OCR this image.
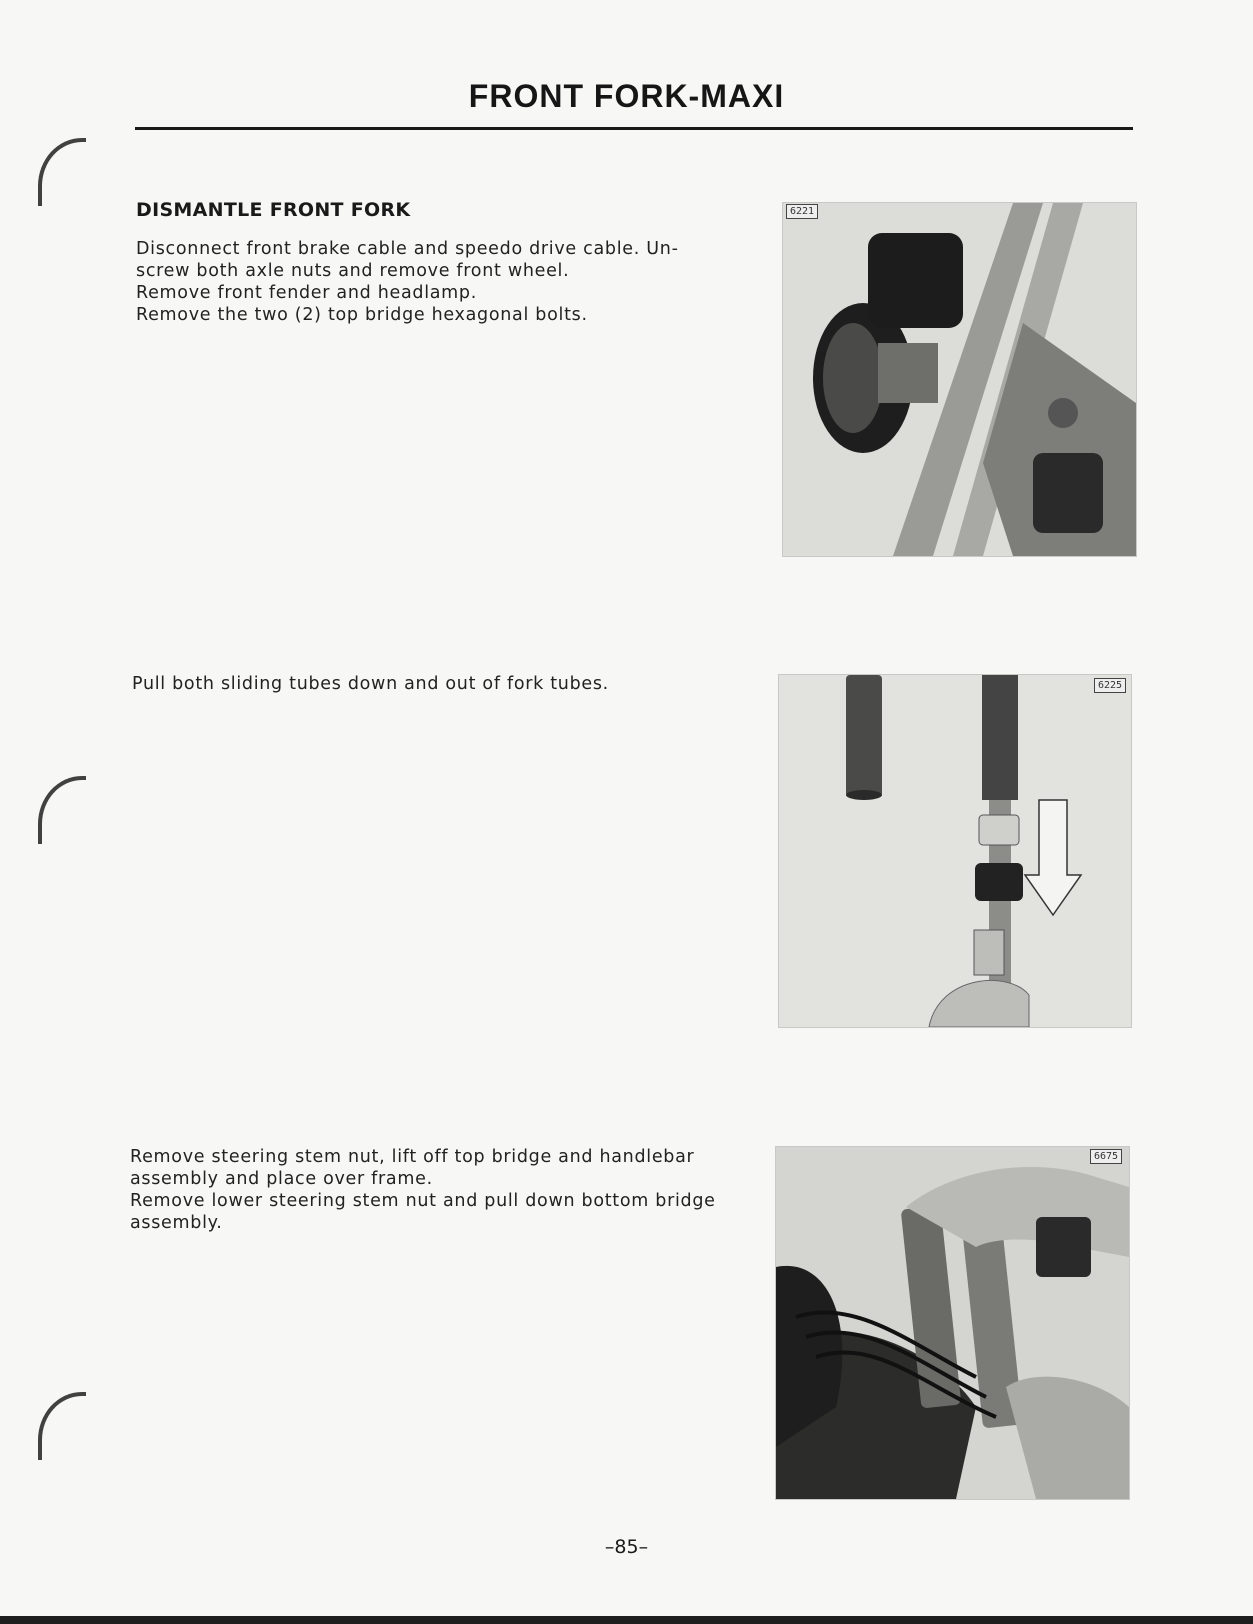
FRONT FORK-MAXI
DISMANTLE FRONT FORK
Disconnect front brake cable and speedo drive cable. Un-
screw both axle nuts and remove front wheel.
Remove front fender and headlamp.
Remove the two (2) top bridge hexagonal bolts.
6221
Pull both sliding tubes down and out of fork tubes.	6225
Remove steering stem nut, lift off top bridge and handlebar
assembly and place over frame.
Remove lower steering stem nut and pull down bottom bridge
assembly.
6675
–85–
